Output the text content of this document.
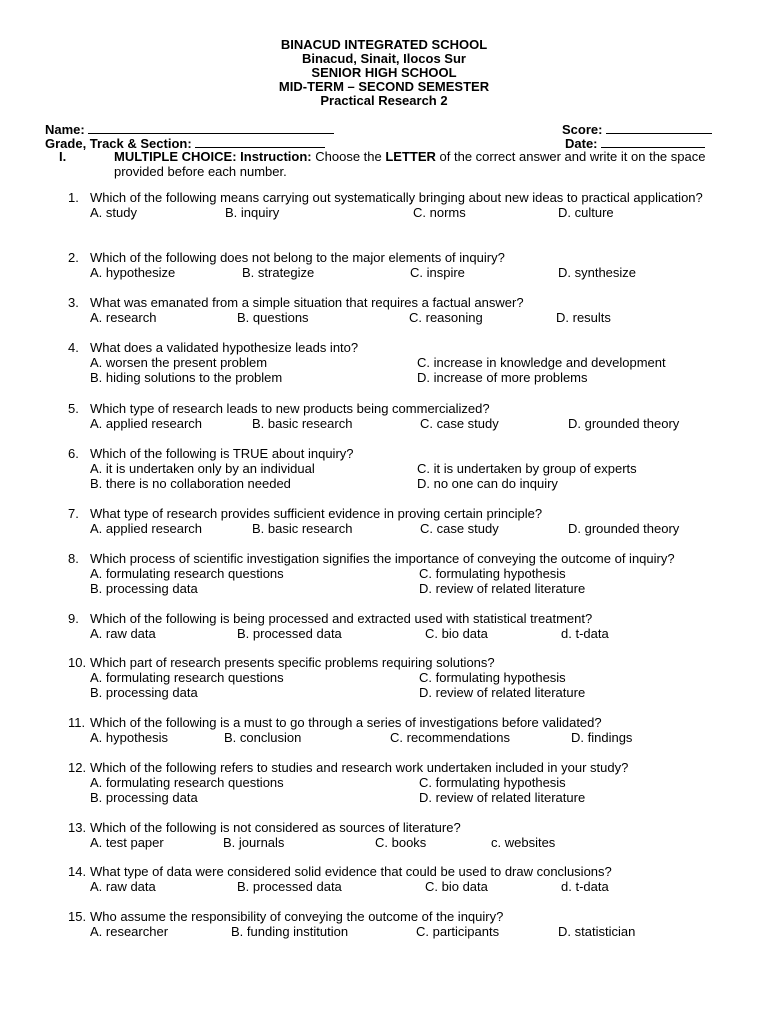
BINACUD INTEGRATED SCHOOL
Binacud, Sinait, Ilocos Sur
SENIOR HIGH SCHOOL
MID-TERM – SECOND SEMESTER
Practical Research 2
Name:	Score:
Grade, Track & Section:	Date:
I.	MULTIPLE CHOICE: Instruction: Choose the LETTER of the correct answer and write it on the space provided before each number.
1. Which of the following means carrying out systematically bringing about new ideas to practical application?
A. study	B. inquiry	C. norms	D. culture
2. Which of the following does not belong to the major elements of inquiry?
A. hypothesize	B. strategize	C. inspire	D. synthesize
3. What was emanated from a simple situation that requires a factual answer?
A. research	B. questions	C. reasoning	D. results
4. What does a validated hypothesize leads into?
A. worsen the present problem	C. increase in knowledge and development
B. hiding solutions to the problem	D. increase of more problems
5. Which type of research leads to new products being commercialized?
A. applied research	B. basic research	C. case study	D. grounded theory
6. Which of the following is TRUE about inquiry?
A. it is undertaken only by an individual	C. it is undertaken by group of experts
B. there is no collaboration needed	D. no one can do inquiry
7. What type of research provides sufficient evidence in proving certain principle?
A. applied research	B. basic research	C. case study	D. grounded theory
8. Which process of scientific investigation signifies the importance of conveying the outcome of inquiry?
A. formulating research questions	C. formulating hypothesis
B. processing data	D. review of related literature
9. Which of the following is being processed and extracted used with statistical treatment?
A. raw data	B. processed data	C. bio data	d. t-data
10. Which part of research presents specific problems requiring solutions?
A. formulating research questions	C. formulating hypothesis
B. processing data	D. review of related literature
11. Which of the following is a must to go through a series of investigations before validated?
A. hypothesis	B. conclusion	C. recommendations	D. findings
12. Which of the following refers to studies and research work undertaken included in your study?
A. formulating research questions	C. formulating hypothesis
B. processing data	D. review of related literature
13. Which of the following is not considered as sources of literature?
A. test paper	B. journals	C. books	c. websites
14. What type of data were considered solid evidence that could be used to draw conclusions?
A. raw data	B. processed data	C. bio data	d. t-data
15. Who assume the responsibility of conveying the outcome of the inquiry?
A. researcher	B. funding institution	C. participants	D. statistician
